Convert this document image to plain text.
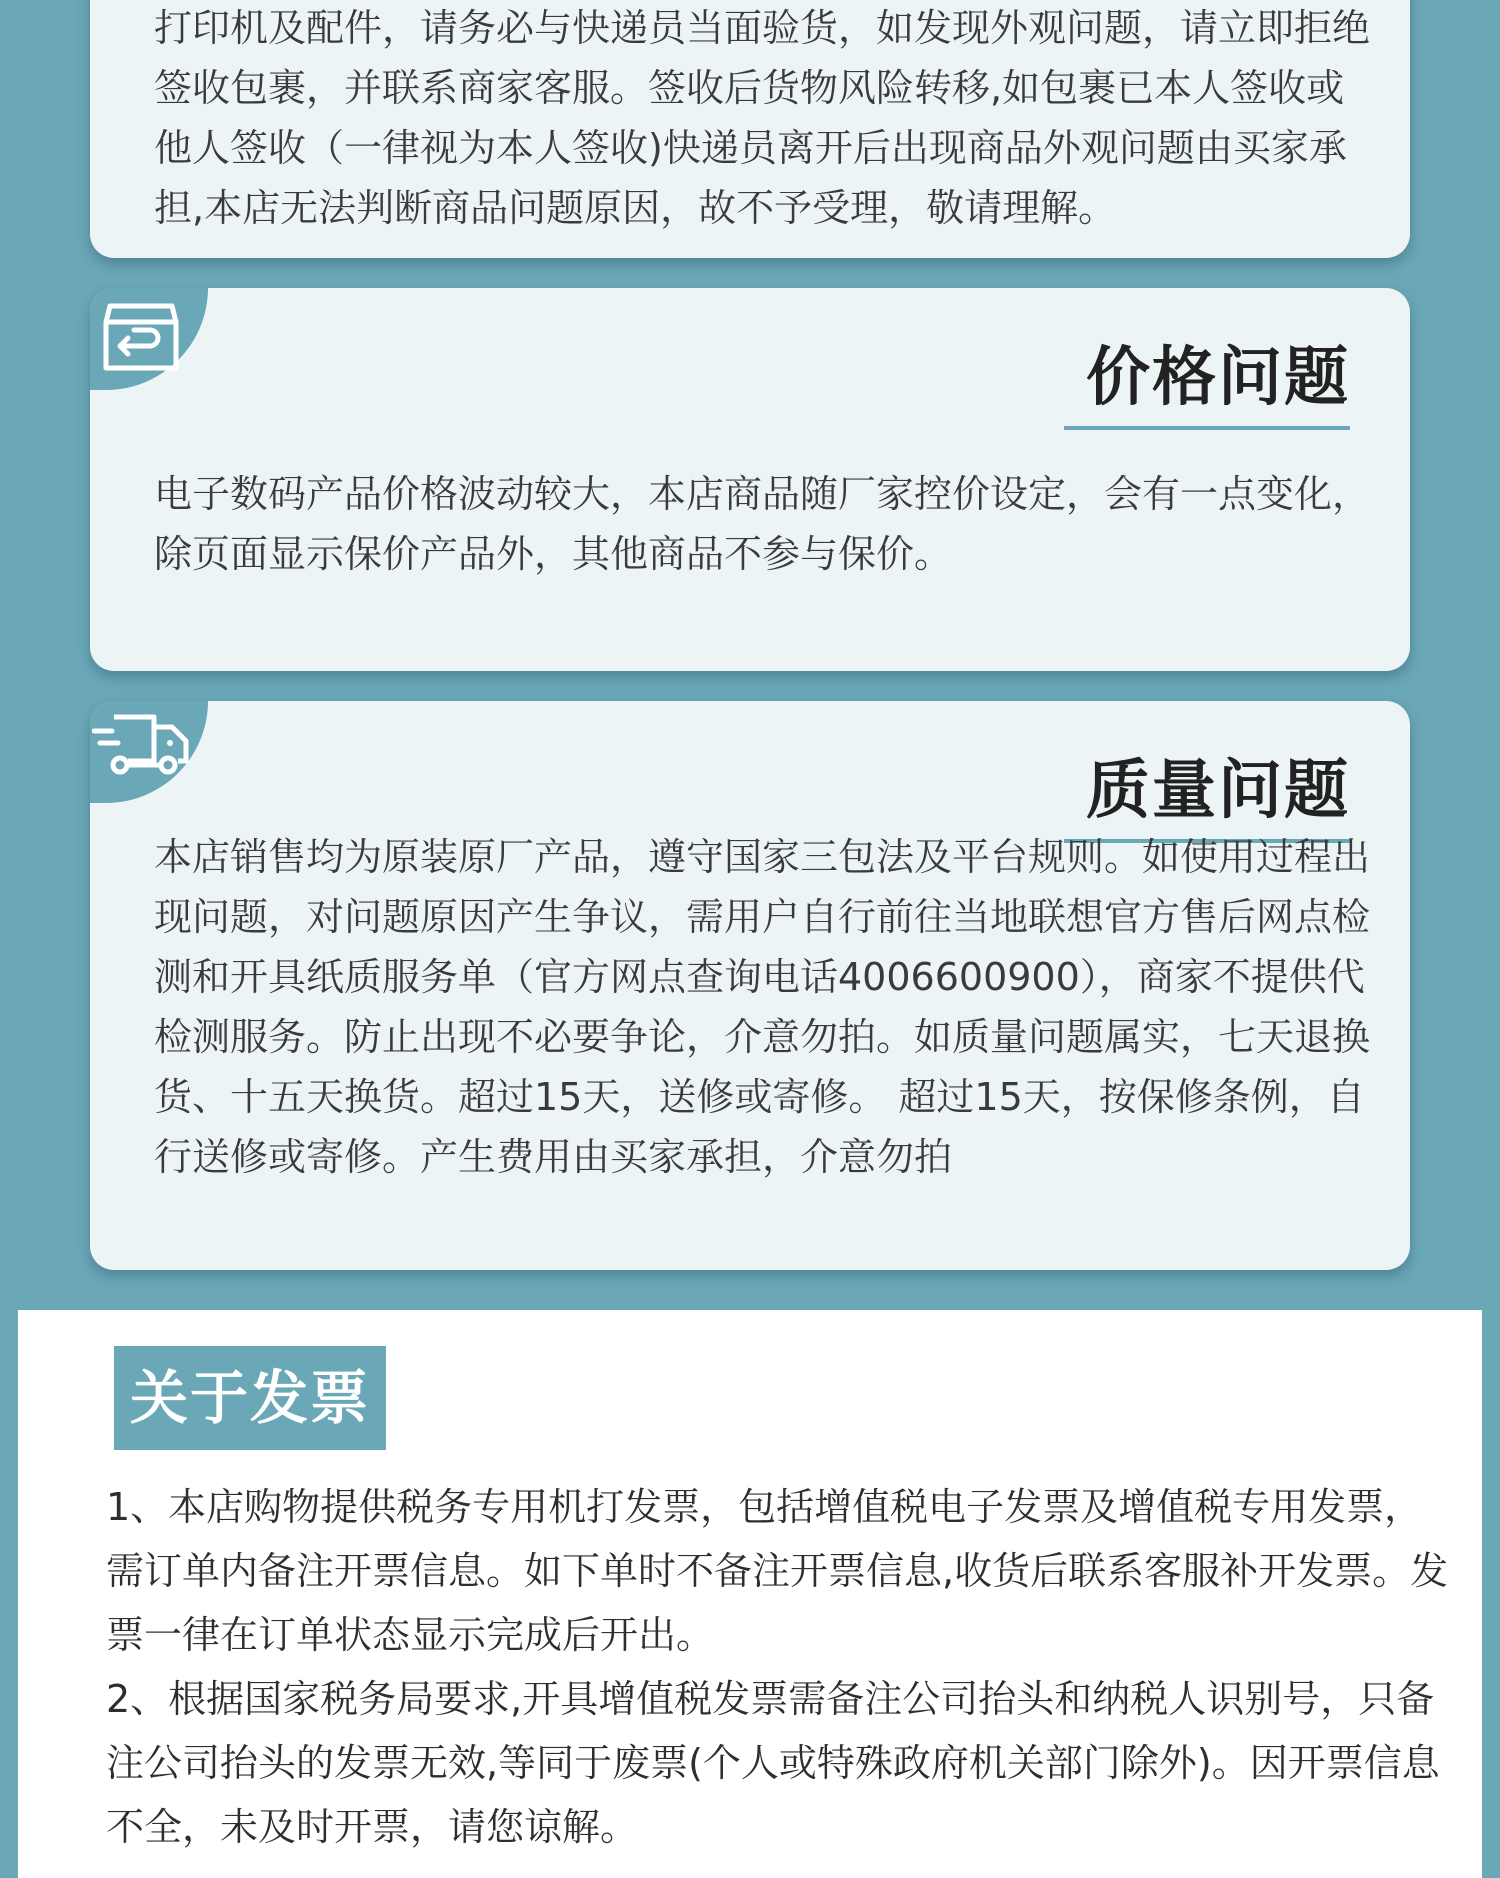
打印机及配件，请务必与快递员当面验货，如发现外观问题，请立即拒绝签收包裹，并联系商家客服。签收后货物风险转移,如包裹已本人签收或他人签收（一律视为本人签收)快递员离开后出现商品外观问题由买家承担,本店无法判断商品问题原因，故不予受理，敬请理解。

价格问题

电子数码产品价格波动较大，本店商品随厂家控价设定，会有一点变化，除页面显示保价产品外，其他商品不参与保价。

质量问题

本店销售均为原装原厂产品，遵守国家三包法及平台规则。如使用过程出现问题，对问题原因产生争议，需用户自行前往当地联想官方售后网点检测和开具纸质服务单（官方网点查询电话4006600900），商家不提供代检测服务。防止出现不必要争论，介意勿拍。如质量问题属实，七天退换货、十五天换货。超过15天，送修或寄修。 超过15天，按保修条例，自行送修或寄修。产生费用由买家承担，介意勿拍

关于发票

1、本店购物提供税务专用机打发票，包括增值税电子发票及增值税专用发票，需订单内备注开票信息。如下单时不备注开票信息,收货后联系客服补开发票。发票一律在订单状态显示完成后开出。

2、根据国家税务局要求,开具增值税发票需备注公司抬头和纳税人识别号，只备注公司抬头的发票无效,等同于废票(个人或特殊政府机关部门除外)。因开票信息不全，未及时开票，请您谅解。
